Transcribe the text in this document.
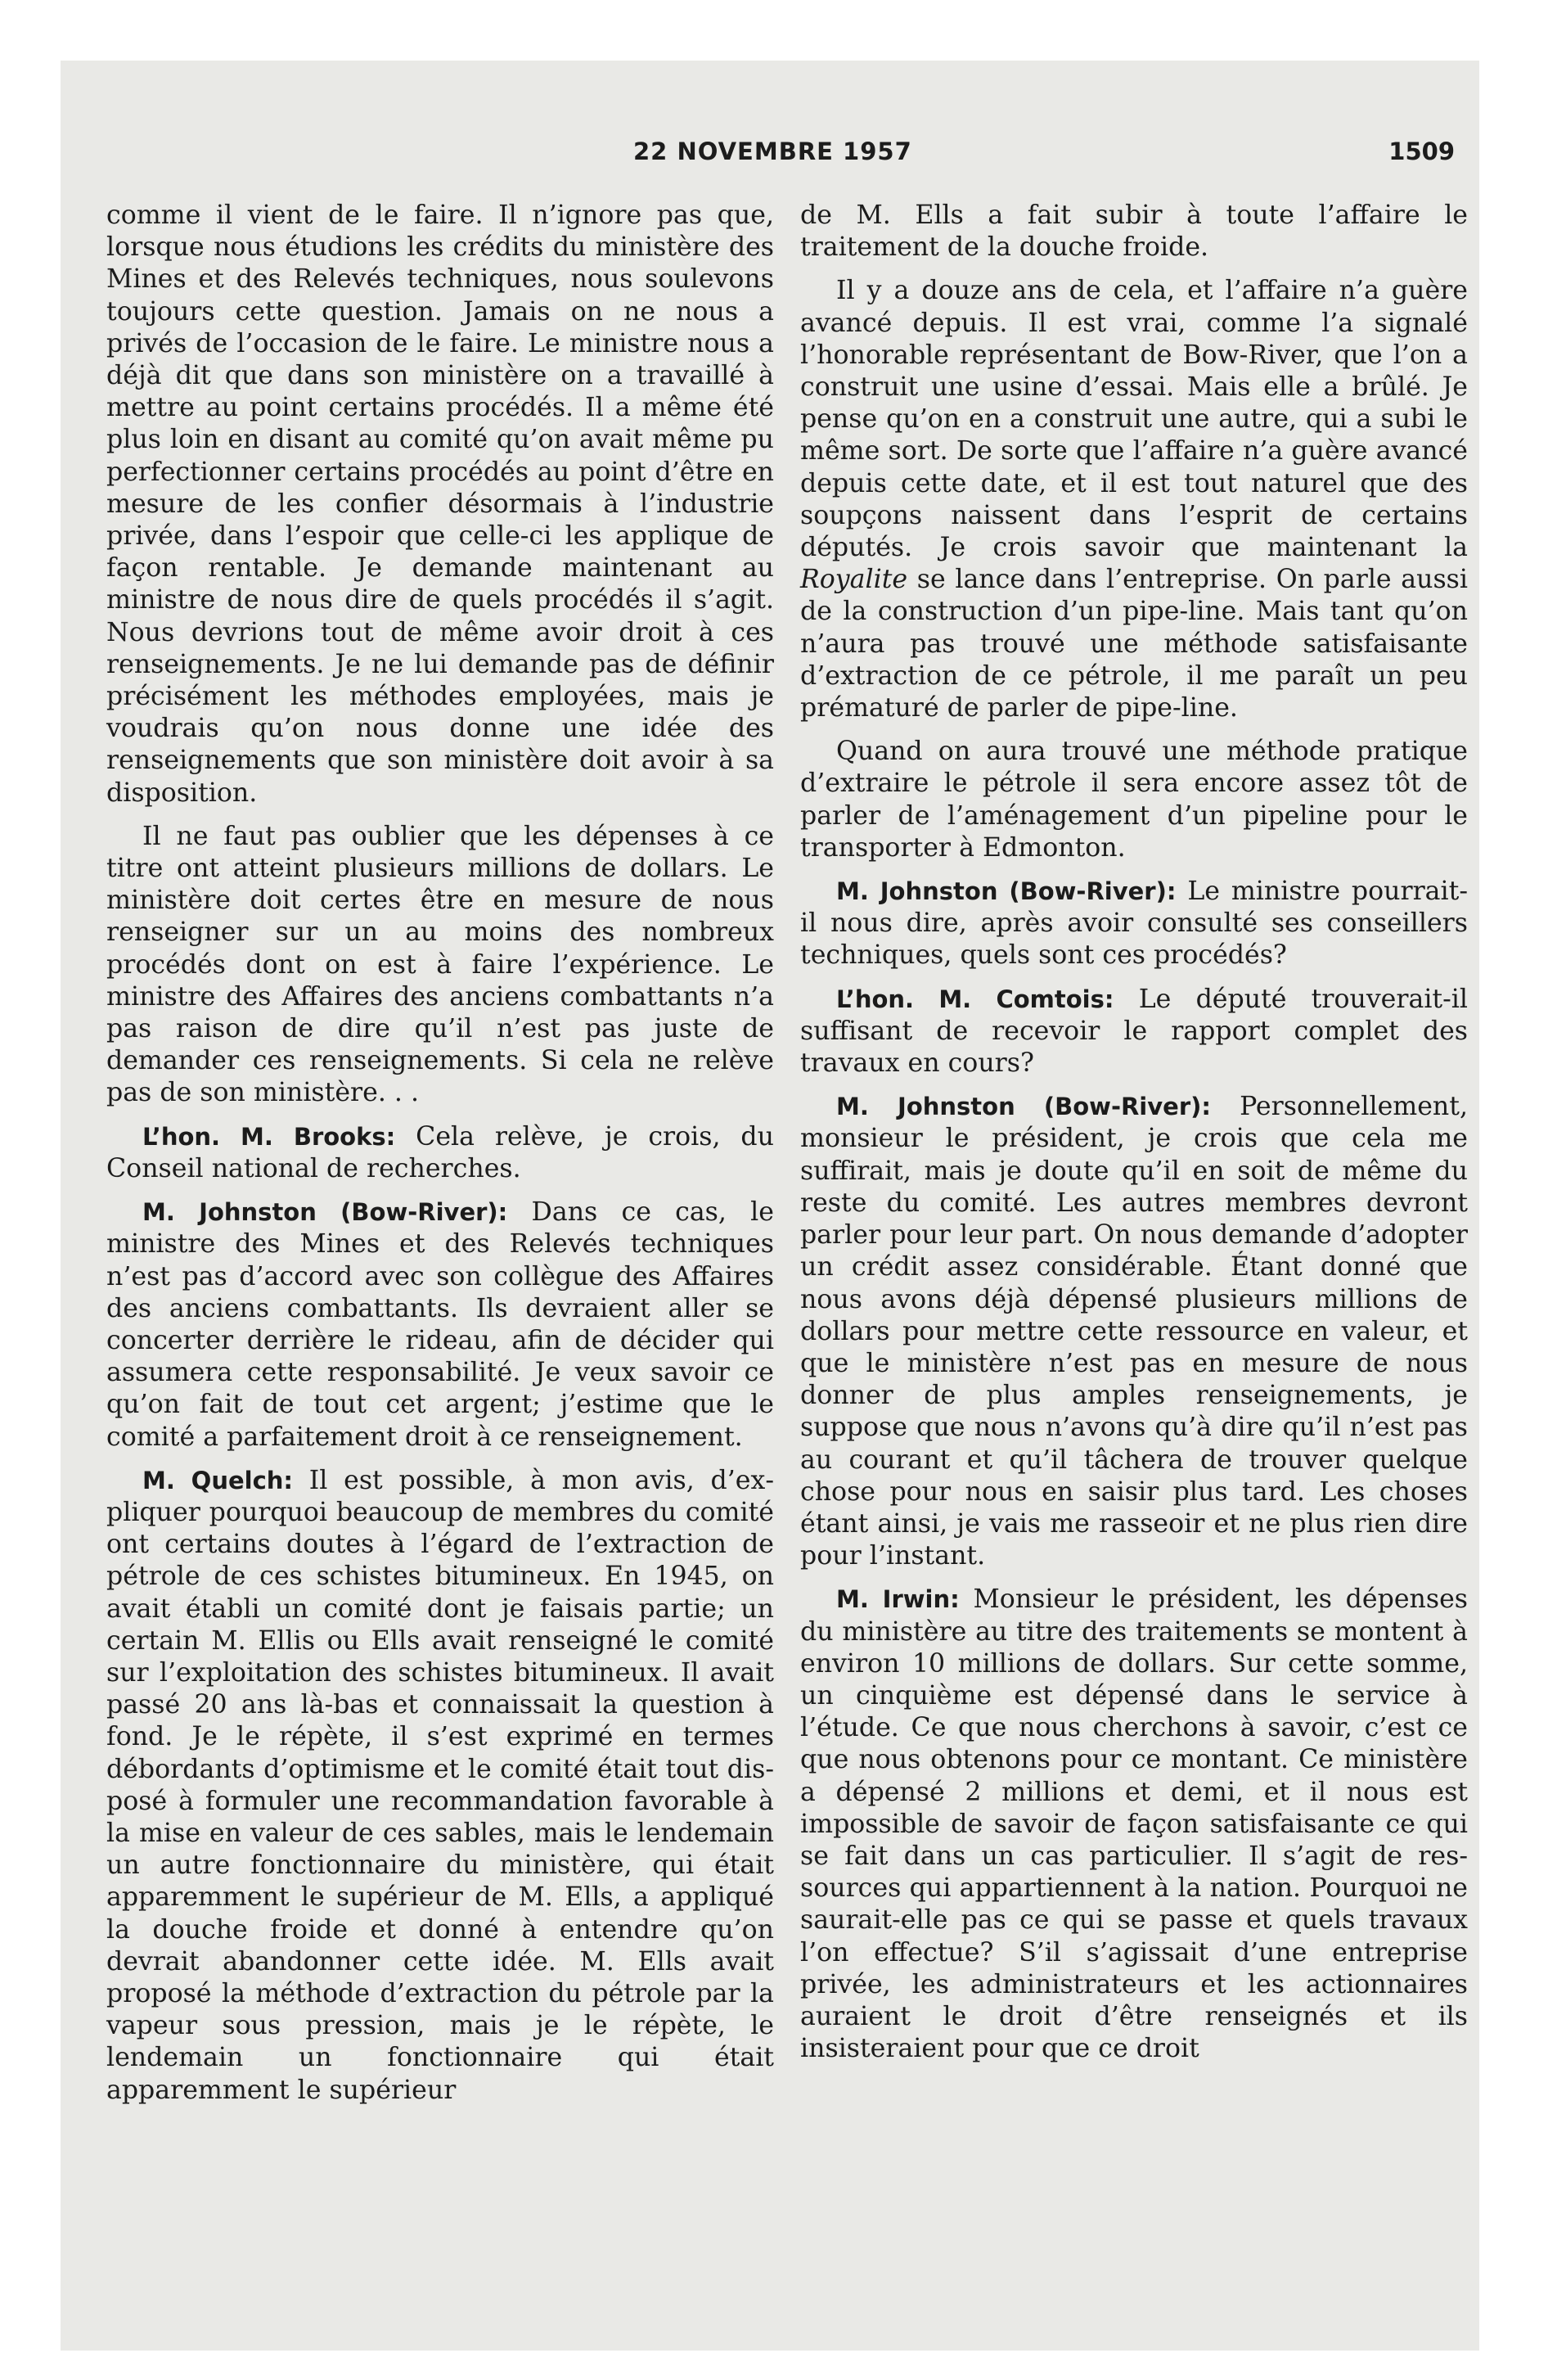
22 NOVEMBRE 1957	1509

comme il vient de le faire. Il n’ignore pas que, lorsque nous étudions les crédits du ministère des Mines et des Relevés techniques, nous soulevons toujours cette question. Jamais on ne nous a privés de l’occasion de le faire. Le ministre nous a déjà dit que dans son ministère on a travaillé à mettre au point certains procédés. Il a même été plus loin en disant au comité qu’on avait même pu perfectionner certains procédés au point d’être en mesure de les confier désormais à l’industrie privée, dans l’espoir que celle-ci les applique de façon rentable. Je demande maintenant au ministre de nous dire de quels procédés il s’agit. Nous devrions tout de même avoir droit à ces renseignements. Je ne lui demande pas de définir précisément les méthodes employées, mais je voudrais qu’on nous donne une idée des renseignements que son ministère doit avoir à sa disposition.

Il ne faut pas oublier que les dépenses à ce titre ont atteint plusieurs millions de dollars. Le ministère doit certes être en mesure de nous renseigner sur un au moins des nombreux procédés dont on est à faire l’expérience. Le ministre des Affaires des anciens combattants n’a pas raison de dire qu’il n’est pas juste de demander ces renseignements. Si cela ne relève pas de son ministère. . .

L’hon. M. Brooks: Cela relève, je crois, du Conseil national de recherches.

M. Johnston (Bow-River): Dans ce cas, le ministre des Mines et des Relevés techniques n’est pas d’accord avec son collègue des Affaires des anciens combattants. Ils devraient aller se concerter derrière le rideau, afin de décider qui assumera cette responsabilité. Je veux savoir ce qu’on fait de tout cet argent; j’estime que le comité a parfaitement droit à ce renseignement.

M. Quelch: Il est possible, à mon avis, d’expliquer pourquoi beaucoup de membres du comité ont certains doutes à l’égard de l’extraction de pétrole de ces schistes bitumineux. En 1945, on avait établi un comité dont je faisais partie; un certain M. Ellis ou Ells avait renseigné le comité sur l’exploitation des schistes bitumineux. Il avait passé 20 ans là-bas et connaissait la question à fond. Je le répète, il s’est exprimé en termes débordants d’optimisme et le comité était tout disposé à formuler une recommandation favorable à la mise en valeur de ces sables, mais le lendemain un autre fonctionnaire du ministère, qui était apparemment le supérieur de M. Ells, a appliqué la douche froide et donné à entendre qu’on devrait abandonner cette idée. M. Ells avait proposé la méthode d’extraction du pétrole par la vapeur sous pression, mais je le répète, le lendemain un fonctionnaire qui était apparemment le supérieur

de M. Ells a fait subir à toute l’affaire le traitement de la douche froide.

Il y a douze ans de cela, et l’affaire n’a guère avancé depuis. Il est vrai, comme l’a signalé l’honorable représentant de Bow-River, que l’on a construit une usine d’essai. Mais elle a brûlé. Je pense qu’on en a construit une autre, qui a subi le même sort. De sorte que l’affaire n’a guère avancé depuis cette date, et il est tout naturel que des soupçons naissent dans l’esprit de certains députés. Je crois savoir que maintenant la Royalite se lance dans l’entreprise. On parle aussi de la construction d’un pipe-line. Mais tant qu’on n’aura pas trouvé une méthode satisfaisante d’extraction de ce pétrole, il me paraît un peu prématuré de parler de pipe-line.

Quand on aura trouvé une méthode pratique d’extraire le pétrole il sera encore assez tôt de parler de l’aménagement d’un pipeline pour le transporter à Edmonton.

M. Johnston (Bow-River): Le ministre pourrait-il nous dire, après avoir consulté ses conseillers techniques, quels sont ces procédés?

L’hon. M. Comtois: Le député trouverait-il suffisant de recevoir le rapport complet des travaux en cours?

M. Johnston (Bow-River): Personnellement, monsieur le président, je crois que cela me suffirait, mais je doute qu’il en soit de même du reste du comité. Les autres membres devront parler pour leur part. On nous demande d’adopter un crédit assez considérable. Étant donné que nous avons déjà dépensé plusieurs millions de dollars pour mettre cette ressource en valeur, et que le ministère n’est pas en mesure de nous donner de plus amples renseignements, je suppose que nous n’avons qu’à dire qu’il n’est pas au courant et qu’il tâchera de trouver quelque chose pour nous en saisir plus tard. Les choses étant ainsi, je vais me rasseoir et ne plus rien dire pour l’instant.

M. Irwin: Monsieur le président, les dépenses du ministère au titre des traitements se montent à environ 10 millions de dollars. Sur cette somme, un cinquième est dépensé dans le service à l’étude. Ce que nous cherchons à savoir, c’est ce que nous obtenons pour ce montant. Ce ministère a dépensé 2 millions et demi, et il nous est impossible de savoir de façon satisfaisante ce qui se fait dans un cas particulier. Il s’agit de ressources qui appartiennent à la nation. Pourquoi ne saurait-elle pas ce qui se passe et quels travaux l’on effectue? S’il s’agissait d’une entreprise privée, les administrateurs et les actionnaires auraient le droit d’être renseignés et ils insisteraient pour que ce droit
